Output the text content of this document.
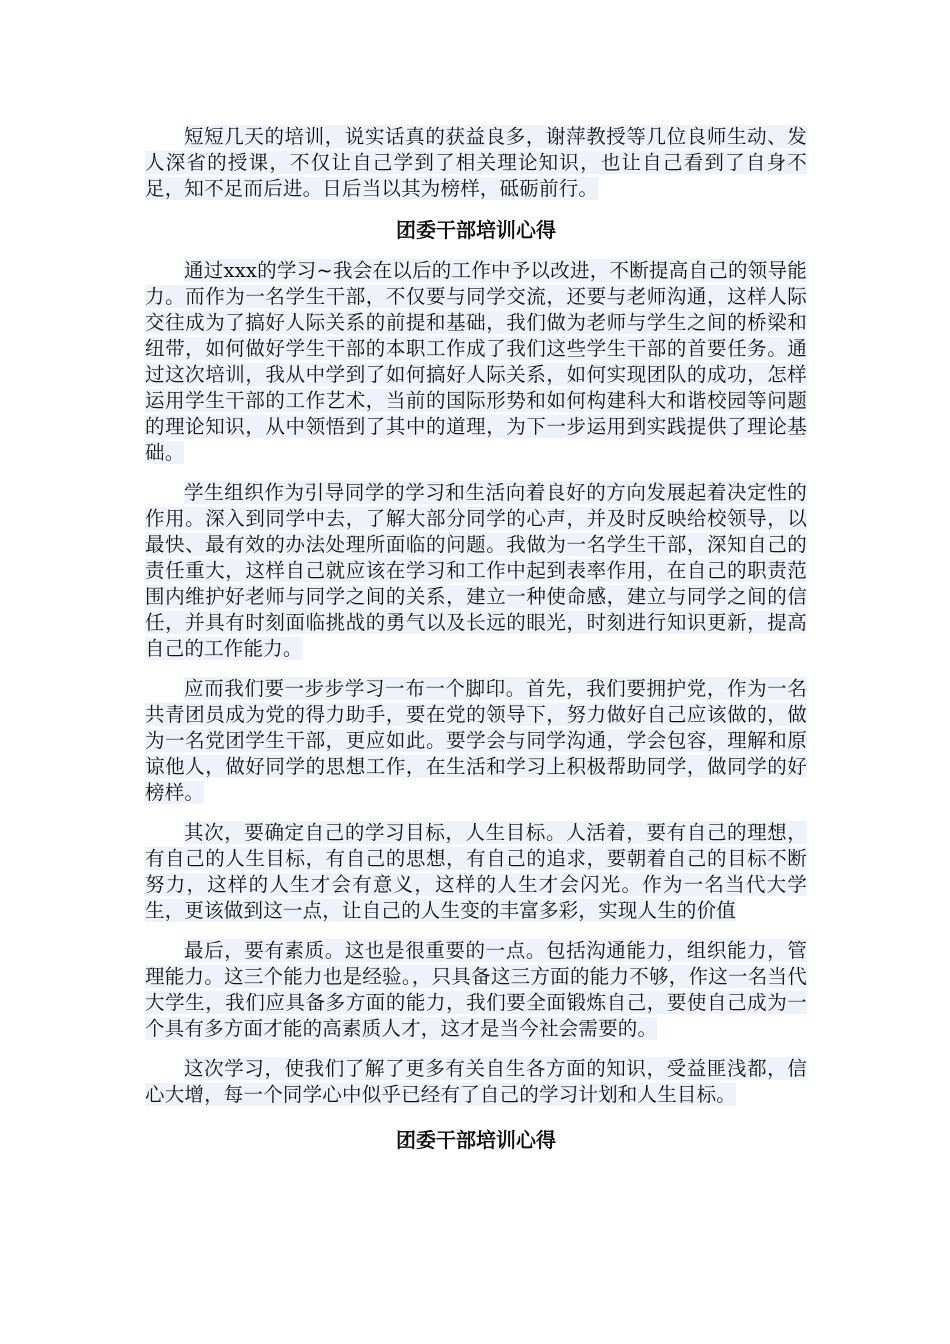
短短几天的培训，说实话真的获益良多，谢萍教授等几位良师生动、发人深省的授课，不仅让自己学到了相关理论知识，也让自己看到了自身不足，知不足而后进。日后当以其为榜样，砥砺前行。

团委干部培训心得

通过xxx的学习~我会在以后的工作中予以改进，不断提高自己的领导能力。而作为一名学生干部，不仅要与同学交流，还要与老师沟通，这样人际交往成为了搞好人际关系的前提和基础，我们做为老师与学生之间的桥梁和纽带，如何做好学生干部的本职工作成了我们这些学生干部的首要任务。通过这次培训，我从中学到了如何搞好人际关系，如何实现团队的成功，怎样运用学生干部的工作艺术，当前的国际形势和如何构建科大和谐校园等问题的理论知识，从中领悟到了其中的道理，为下一步运用到实践提供了理论基础。

学生组织作为引导同学的学习和生活向着良好的方向发展起着决定性的作用。深入到同学中去，了解大部分同学的心声，并及时反映给校领导，以最快、最有效的办法处理所面临的问题。我做为一名学生干部，深知自己的责任重大，这样自己就应该在学习和工作中起到表率作用，在自己的职责范围内维护好老师与同学之间的关系，建立一种使命感，建立与同学之间的信任，并具有时刻面临挑战的勇气以及长远的眼光，时刻进行知识更新，提高自己的工作能力。

应而我们要一步步学习一布一个脚印。首先，我们要拥护党，作为一名共青团员成为党的得力助手，要在党的领导下，努力做好自己应该做的，做为一名党团学生干部，更应如此。要学会与同学沟通，学会包容，理解和原谅他人，做好同学的思想工作，在生活和学习上积极帮助同学，做同学的好榜样。

其次，要确定自己的学习目标，人生目标。人活着，要有自己的理想，有自己的人生目标，有自己的思想，有自己的追求，要朝着自己的目标不断努力，这样的人生才会有意义，这样的人生才会闪光。作为一名当代大学生，更该做到这一点，让自己的人生变的丰富多彩，实现人生的价值

最后，要有素质。这也是很重要的一点。包括沟通能力，组织能力，管理能力。这三个能力也是经验。，只具备这三方面的能力不够，作这一名当代大学生，我们应具备多方面的能力，我们要全面锻炼自己，要使自己成为一个具有多方面才能的高素质人才，这才是当今社会需要的。

这次学习，使我们了解了更多有关自生各方面的知识，受益匪浅都，信心大增，每一个同学心中似乎已经有了自己的学习计划和人生目标。

团委干部培训心得
